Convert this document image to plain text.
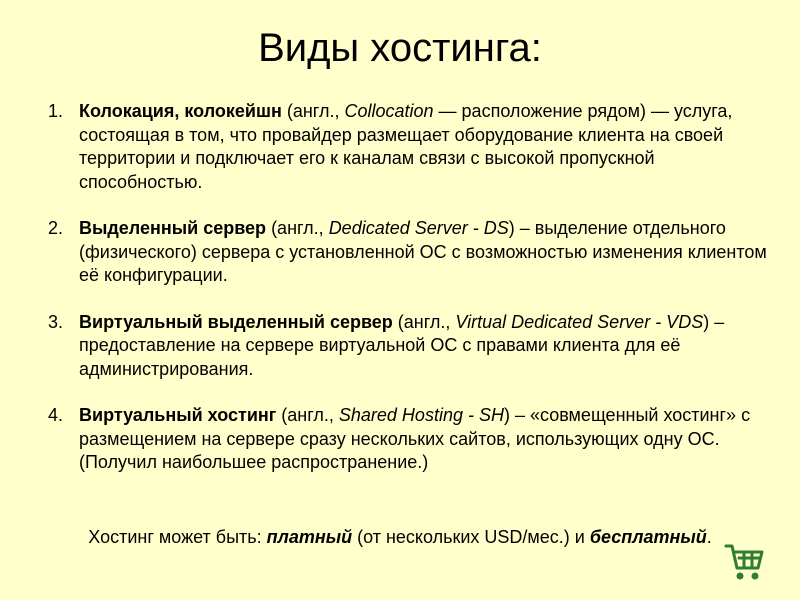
Виды хостинга:
1. Колокация, колокейшн (англ., Collocation — расположение рядом) — услуга, состоящая в том, что провайдер размещает оборудование клиента на своей территории и подключает его к каналам связи с высокой пропускной способностью.
2. Выделенный сервер (англ., Dedicated Server - DS) – выделение отдельного (физического) сервера с установленной ОС с возможностью изменения клиентом её конфигурации.
3. Виртуальный выделенный сервер (англ., Virtual Dedicated Server - VDS) – предоставление на сервере виртуальной ОС с правами клиента для её администрирования.
4. Виртуальный хостинг (англ., Shared Hosting - SH) – «совмещенный хостинг» с размещением на сервере сразу нескольких сайтов, использующих одну ОС. (Получил наибольшее распространение.)
Хостинг может быть: платный (от нескольких USD/мес.) и бесплатный.
